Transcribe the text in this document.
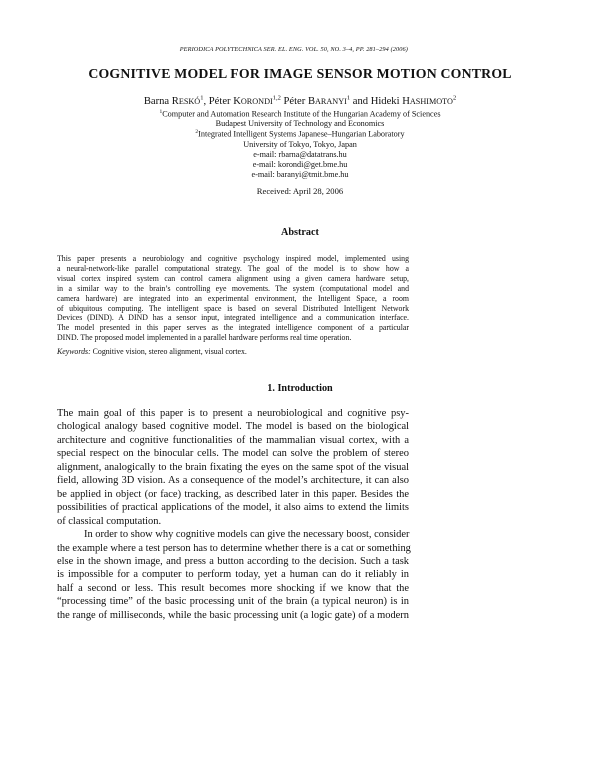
PERIODICA POLYTECHNICA SER. EL. ENG. VOL. 50, NO. 3–4, PP. 281–294 (2006)
COGNITIVE MODEL FOR IMAGE SENSOR MOTION CONTROL
Barna RESKÓ$^1$, Péter KORONDI$^{1,2}$ Péter BARANYI$^1$ and Hideki HASHIMOTO$^2$
$^1$Computer and Automation Research Institute of the Hungarian Academy of Sciences
Budapest University of Technology and Economics
$^2$Integrated Intelligent Systems Japanese–Hungarian Laboratory
University of Tokyo, Tokyo, Japan
e-mail: rbarna@datatrans.hu
e-mail: korondi@get.bme.hu
e-mail: baranyi@tmit.bme.hu
Received: April 28, 2006
Abstract
This paper presents a neurobiology and cognitive psychology inspired model, implemented using
a neural-network-like parallel computational strategy. The goal of the model is to show how a
visual cortex inspired system can control camera alignment using a given camera hardware setup,
in a similar way to the brain’s controlling eye movements. The system (computational model and
camera hardware) are integrated into an experimental environment, the Intelligent Space, a room
of ubiquitous computing. The intelligent space is based on several Distributed Intelligent Network
Devices (DIND). A DIND has a sensor input, integrated intelligence and a communication interface.
The model presented in this paper serves as the integrated intelligence component of a particular
DIND. The proposed model implemented in a parallel hardware performs real time operation.
Keywords: Cognitive vision, stereo alignment, visual cortex.
1. Introduction
The main goal of this paper is to present a neurobiological and cognitive psy-
chological analogy based cognitive model. The model is based on the biological
architecture and cognitive functionalities of the mammalian visual cortex, with a
special respect on the binocular cells. The model can solve the problem of stereo
alignment, analogically to the brain fixating the eyes on the same spot of the visual
field, allowing 3D vision. As a consequence of the model’s architecture, it can also
be applied in object (or face) tracking, as described later in this paper. Besides the
possibilities of practical applications of the model, it also aims to extend the limits
of classical computation.
In order to show why cognitive models can give the necessary boost, consider
the example where a test person has to determine whether there is a cat or something
else in the shown image, and press a button according to the decision. Such a task
is impossible for a computer to perform today, yet a human can do it reliably in
half a second or less. This result becomes more shocking if we know that the
“processing time” of the basic processing unit of the brain (a typical neuron) is in
the range of milliseconds, while the basic processing unit (a logic gate) of a modern
